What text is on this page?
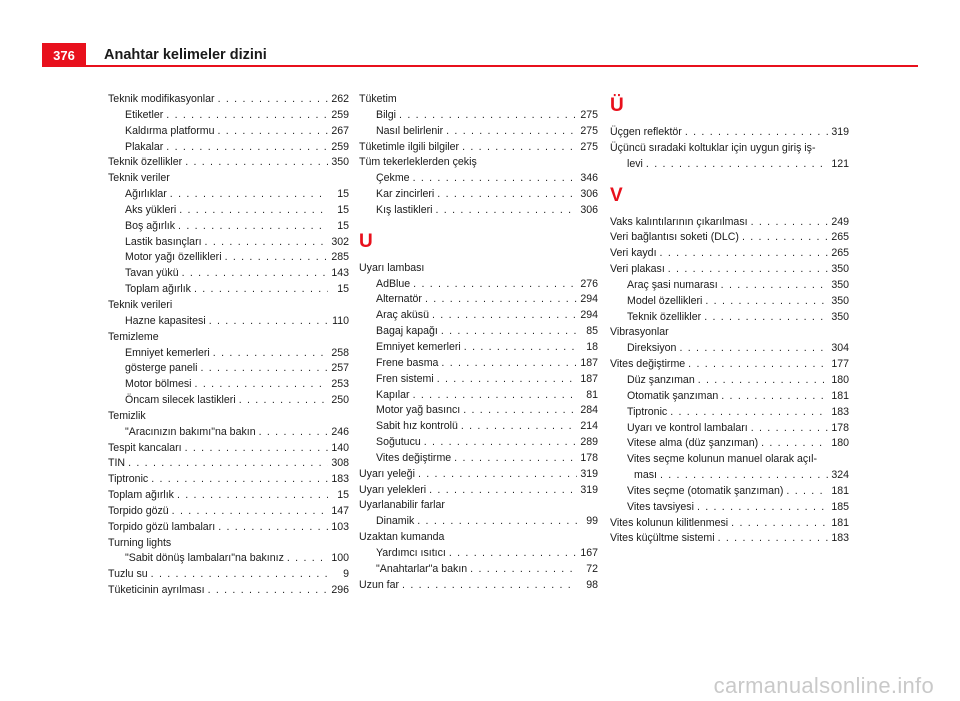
376 Anahtar kelimeler dizini
Teknik modifikasyonlar . . .	262
Etiketler . . .	259
Kaldırma platformu . . .	267
Plakalar . . .	259
Teknik özellikler . . .	350
Teknik veriler
Ağırlıklar . . .	15
Aks yükleri . . .	15
Boş ağırlık . . .	15
Lastik basınçları . . .	302
Motor yağı özellikleri . . .	285
Tavan yükü . . .	143
Toplam ağırlık . . .	15
Teknik verileri
Hazne kapasitesi . . .	110
Temizleme
Emniyet kemerleri . . .	258
gösterge paneli . . .	257
Motor bölmesi . . .	253
Öncam silecek lastikleri . . .	250
Temizlik
"Aracınızın bakımı"na bakın . . .	246
Tespit kancaları . . .	140
TIN . . .	308
Tiptronic . . .	183
Toplam ağırlık . . .	15
Torpido gözü . . .	147
Torpido gözü lambaları . . .	103
Turning lights
"Sabit dönüş lambaları"na bakınız . . .	100
Tuzlu su . . .	9
Tüketicinin ayrılması . . .	296
Tüketim
Bilgi . . .	275
Nasıl belirlenir . . .	275
Tüketimle ilgili bilgiler . . .	275
Tüm tekerleklerden çekiş
Çekme . . .	346
Kar zincirleri . . .	306
Kış lastikleri . . .	306
U
Uyarı lambası
AdBlue . . .	276
Alternatör . . .	294
Araç aküsü . . .	294
Bagaj kapağı . . .	85
Emniyet kemerleri . . .	18
Frene basma . . .	187
Fren sistemi . . .	187
Kapılar . . .	81
Motor yağ basıncı . . .	284
Sabit hız kontrolü . . .	214
Soğutucu . . .	289
Vites değiştirme . . .	178
Uyarı yeleği . . .	319
Uyarı yelekleri . . .	319
Uyarlanabilir farlar
Dinamik . . .	99
Uzaktan kumanda
Yardımcı ısıtıcı . . .	167
"Anahtarlar"a bakın . . .	72
Uzun far . . .	98
Ü
Üçgen reflektör . . .	319
Üçüncü sıradaki koltuklar için uygun giriş iş-
levi . . .	121
V
Vaks kalıntılarının çıkarılması . . .	249
Veri bağlantısı soketi (DLC) . . .	265
Veri kaydı . . .	265
Veri plakası . . .	350
Araç şasi numarası . . .	350
Model özellikleri . . .	350
Teknik özellikler . . .	350
Vibrasyonlar
Direksiyon . . .	304
Vites değiştirme . . .	177
Düz şanzıman . . .	180
Otomatik şanzıman . . .	181
Tiptronic . . .	183
Uyarı ve kontrol lambaları . . .	178
Vitese alma (düz şanzıman) . . .	180
Vites seçme kolunun manuel olarak açıl-
ması . . .	324
Vites seçme (otomatik şanzıman) . . .	181
Vites tavsiyesi . . .	185
Vites kolunun kilitlenmesi . . .	181
Vites küçültme sistemi . . .	183
carmanualsonline.info
